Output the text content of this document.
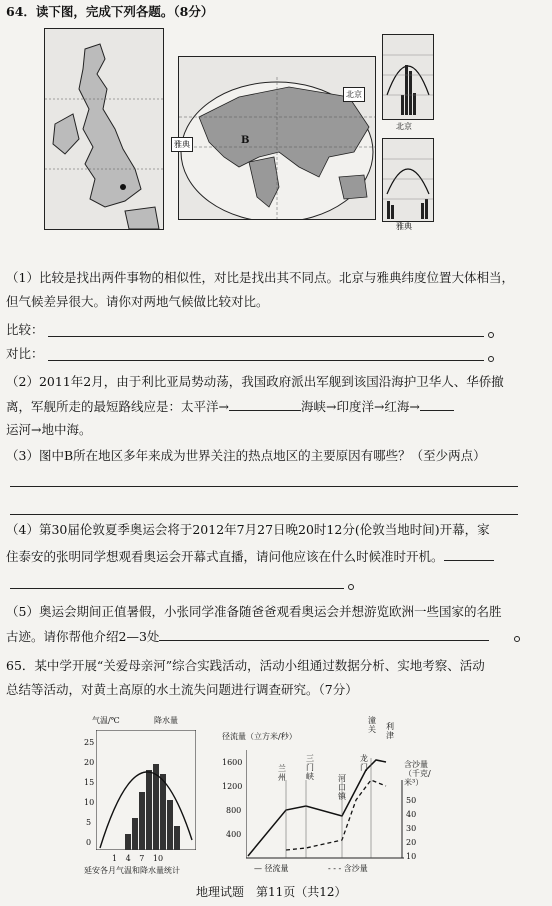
64．读下图，完成下列各题。（8分）
北京
雅典	B
北京
雅典
（1）比较是找出两件事物的相似性，对比是找出其不同点。北京与雅典纬度位置大体相当，
但气候差异很大。请你对两地气候做比较对比。
比较：
对比：
（2）2011年2月，由于利比亚局势动荡，我国政府派出军舰到该国沿海护卫华人、华侨撤
离，军舰所走的最短路线应是：太平洋→	海峡→印度洋→红海→
运河→地中海。
（3）图中B所在地区多年来成为世界关注的热点地区的主要原因有哪些？（至少两点）
（4）第30届伦敦夏季奥运会将于2012年7月27日晚20时12分(伦敦当地时间)开幕，家
住泰安的张明同学想观看奥运会开幕式直播，请问他应该在什么时候准时开机。
（5）奥运会期间正值暑假，小张同学准备随爸爸观看奥运会并想游览欧洲一些国家的名胜
古迹。请你帮他介绍2—3处
65．某中学开展“关爱母亲河”综合实践活动，活动小组通过数据分析、实地考察、活动
总结等活动，对黄土高原的水土流失问题进行调查研究。（7分）
气温/℃	降水量
25
20
15
10
5
0
1 4 7 10
延安各月气温和降水量统计
径流量（立方米/秒）
含沙量（千克/米³）
1600
1200
800
400
50
40
30
20
10
兰州	河口镇
龙门
潼关
三门峡
利津
— 径流量	- - - 含沙量
地理试题　第11页（共12）
